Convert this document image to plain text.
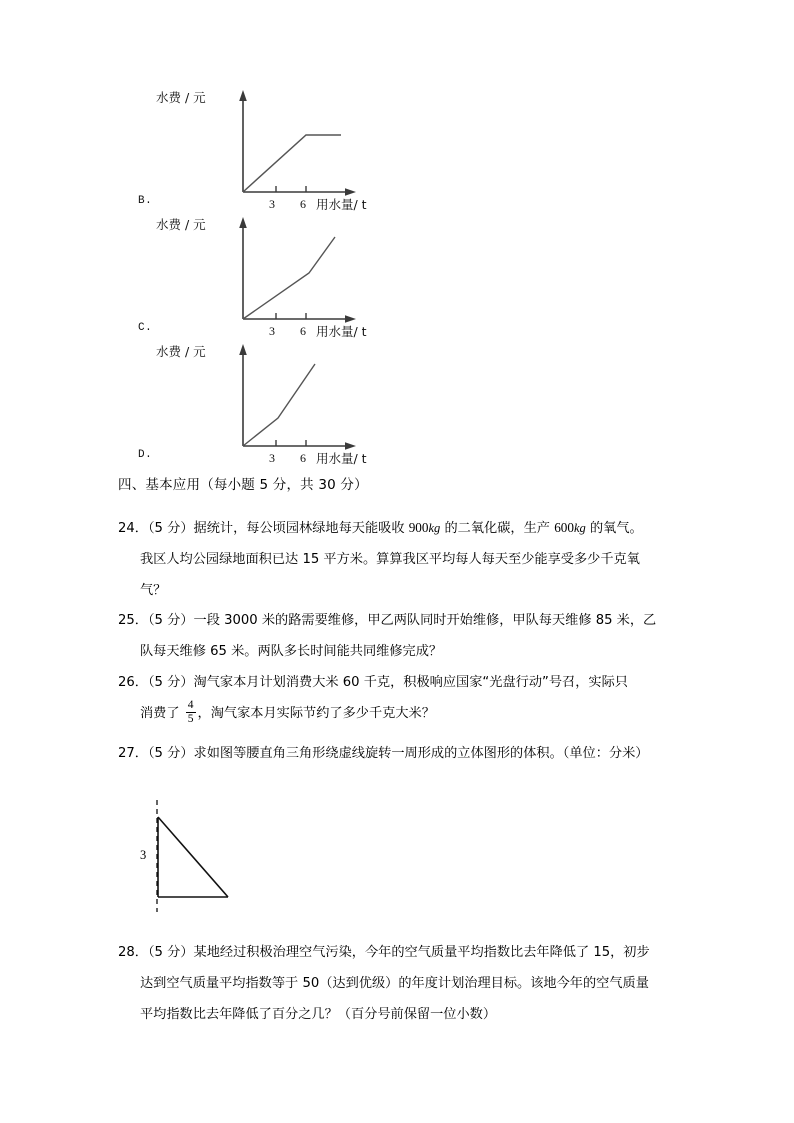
水费 / 元
3 6 用水量/ t
B.
水费 / 元
3 6 用水量/ t
C.
水费 / 元
3 6 用水量/ t
D.
四、基本应用（每小题 5 分，共 30 分）
24．（5 分）据统计，每公顷园林绿地每天能吸收 900kg 的二氧化碳，生产 600kg 的氧气。
我区人均公园绿地面积已达 15 平方米。算算我区平均每人每天至少能享受多少千克氧
气？
25．（5 分）一段 3000 米的路需要维修，甲乙两队同时开始维修，甲队每天维修 85 米，乙
队每天维修 65 米。两队多长时间能共同维修完成？
26．（5 分）淘气家本月计划消费大米 60 千克，积极响应国家“光盘行动”号召，实际只
消费了 $\frac{4}{5}$ ，淘气家本月实际节约了多少千克大米？
27．（5 分）求如图等腰直角三角形绕虚线旋转一周形成的立体图形的体积。（单位：分米）
3
28．（5 分）某地经过积极治理空气污染，今年的空气质量平均指数比去年降低了 15，初步
达到空气质量平均指数等于 50（达到优级）的年度计划治理目标。该地今年的空气质量
平均指数比去年降低了百分之几？（百分号前保留一位小数）
